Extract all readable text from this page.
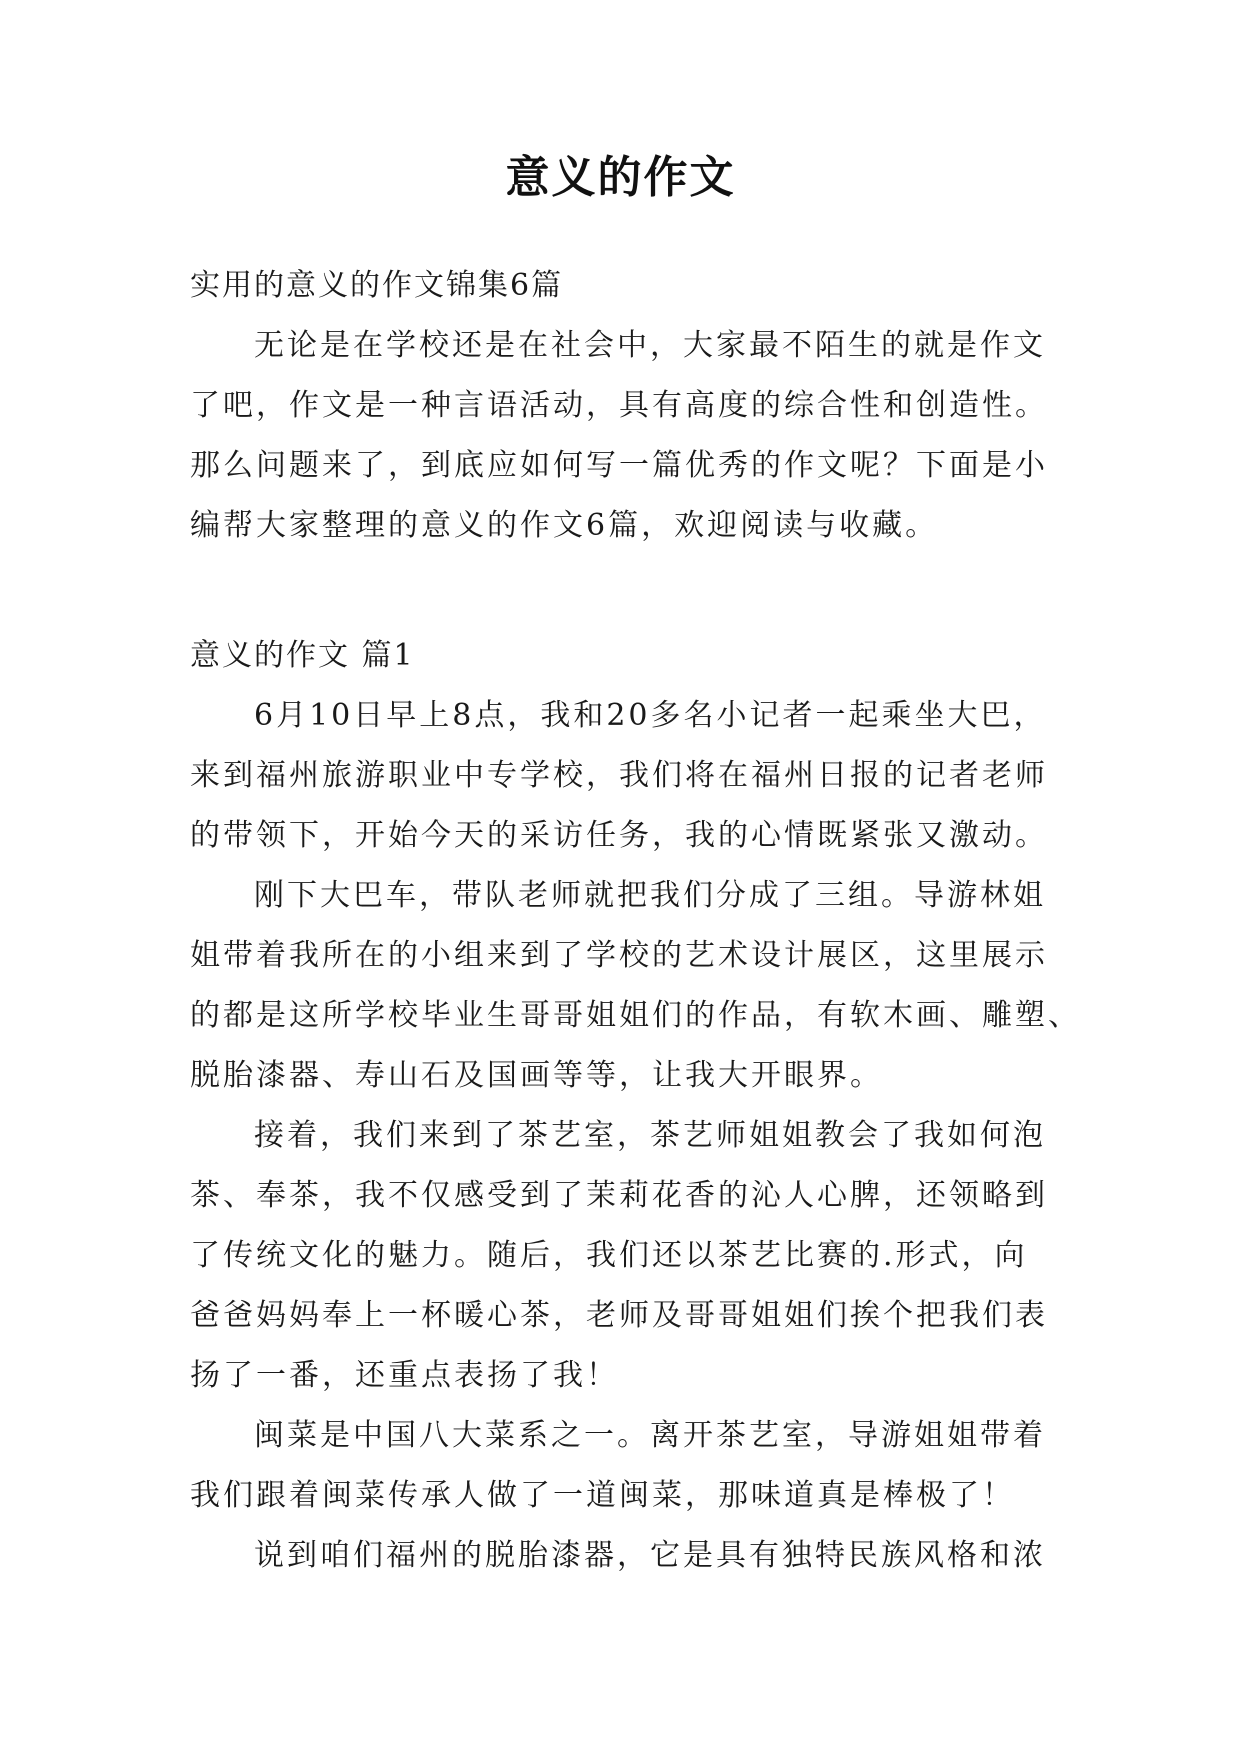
意义的作文
实用的意义的作文锦集6篇
无论是在学校还是在社会中，大家最不陌生的就是作文
了吧，作文是一种言语活动，具有高度的综合性和创造性。
那么问题来了，到底应如何写一篇优秀的作文呢？下面是小
编帮大家整理的意义的作文6篇，欢迎阅读与收藏。
意义的作文 篇1
6月10日早上8点，我和20多名小记者一起乘坐大巴，
来到福州旅游职业中专学校，我们将在福州日报的记者老师
的带领下，开始今天的采访任务，我的心情既紧张又激动。
刚下大巴车，带队老师就把我们分成了三组。导游林姐
姐带着我所在的小组来到了学校的艺术设计展区，这里展示
的都是这所学校毕业生哥哥姐姐们的作品，有软木画、雕塑、
脱胎漆器、寿山石及国画等等，让我大开眼界。
接着，我们来到了茶艺室，茶艺师姐姐教会了我如何泡
茶、奉茶，我不仅感受到了茉莉花香的沁人心脾，还领略到
了传统文化的魅力。随后，我们还以茶艺比赛的.形式，向
爸爸妈妈奉上一杯暖心茶，老师及哥哥姐姐们挨个把我们表
扬了一番，还重点表扬了我！
闽菜是中国八大菜系之一。离开茶艺室，导游姐姐带着
我们跟着闽菜传承人做了一道闽菜，那味道真是棒极了！
说到咱们福州的脱胎漆器，它是具有独特民族风格和浓
